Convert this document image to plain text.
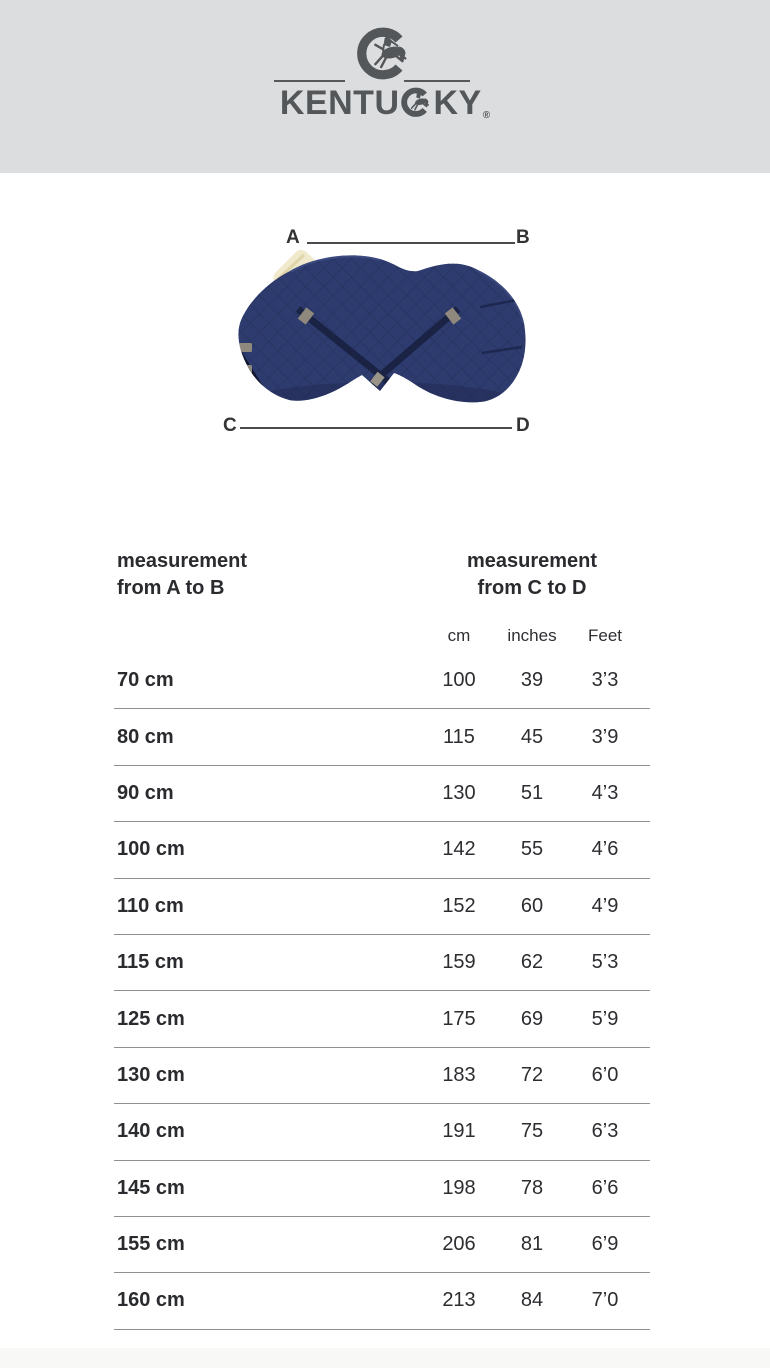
KENTU KY®
A	B
C	D
measurement
from A to B
measurement
from C to D
cm	inches	Feet
70 cm	100	39	3’3
80 cm	115	45	3’9
90 cm	130	51	4’3
100 cm	142	55	4’6
110 cm	152	60	4’9
115 cm	159	62	5’3
125 cm	175	69	5’9
130 cm	183	72	6’0
140 cm	191	75	6’3
145 cm	198	78	6’6
155 cm	206	81	6’9
160 cm	213	84	7’0
